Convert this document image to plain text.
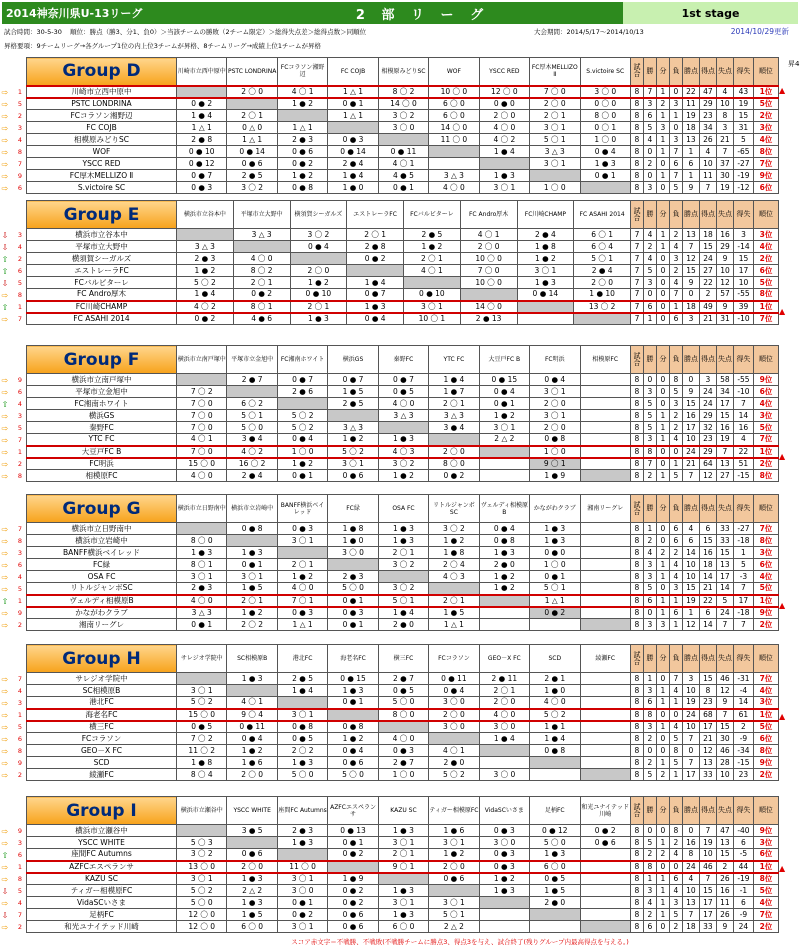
2014神奈川県U-13リーグ	2 部 リ ー グ	1st stage
試合時間：30-5-30 順位：勝点（勝3、分1、負0）＞当該チームの勝敗（2チーム限定）＞総得失点差＞総得点数＞同順位	大会期間：2014/5/17～2014/10/13	2014/10/29更新
昇格要項：9チームリーグ→各グループ1位の内上位3チームが昇格、8チームリーグ→成績上位1チームが昇格
昇4
▲
Group D	川崎市立西中原中	PSTC LONDRINA	FCコラソン湘野辺	FC COJB	相模原みどりSC	WOF	YSCC RED	FC厚木MELLIZO Ⅱ	S.victoire SC	試合	勝	分	負	勝点	得点	失点	得失	順位
川崎市立西中原中		2 〇 0	4 〇 1	1 △ 1	8 〇 2	10 〇 0	12 〇 0	7 〇 0	3 〇 0	8	7	1	0	22	47	4	43	1位
PSTC LONDRINA	0 ● 2		1 ● 2	0 ● 1	14 〇 0	6 〇 0	0 ● 0	2 〇 0	0 〇 0	8	3	2	3	11	29	10	19	5位
FCコラソン湘野辺	1 ● 4	2 〇 1		1 △ 1	3 〇 2	6 〇 0	2 〇 0	2 〇 1	8 〇 0	8	6	1	1	19	23	8	15	2位
FC COJB	1 △ 1	0 △ 0	1 △ 1		3 〇 0	14 〇 0	4 〇 0	3 〇 1	0 〇 1	8	5	3	0	18	34	3	31	3位
相模原みどりSC	2 ● 8	1 △ 1	2 ● 3	0 ● 3		11 〇 0	4 〇 2	5 〇 1	1 〇 0	8	4	1	3	13	26	21	5	4位
WOF	0 ● 10	0 ● 14	0 ● 6	0 ● 14	0 ● 11		1 ● 4	3 △ 3	0 ● 4	8	0	1	7	1	4	7	-65	8位
YSCC RED	0 ● 12	0 ● 6	0 ● 2	2 ● 4	4 〇 1			3 〇 1	1 ● 3	8	2	0	6	6	10	37	-27	7位
FC厚木MELLIZO Ⅱ	0 ● 7	2 ● 5	1 ● 2	1 ● 4	4 ● 5	3 △ 3	1 ● 3		0 ● 1	8	0	1	7	1	11	30	-19	9位
S.victoire SC	0 ● 3	3 〇 2	0 ● 8	1 ● 0	0 ● 1	4 〇 0	3 〇 1	1 〇 0		8	3	0	5	9	7	19	-12	6位
⇨	1
⇨	5
⇨	2
⇨	3
⇨	4
⇨	8
⇨	7
⇨	9
⇨	6
▲
Group E	横浜市立谷本中	平塚市立大野中	横須賀シーガルズ	エストレーラFC	FCバルビターレ	FC Andro厚木	FC川崎CHAMP	FC ASAHI 2014	試合	勝	分	負	勝点	得点	失点	得失	順位
横浜市立谷本中		3 △ 3	3 〇 2	2 〇 1	2 ● 5	4 〇 1	2 ● 4	6 〇 1	7	4	1	2	13	18	16	3	3位
平塚市立大野中	3 △ 3		0 ● 4	2 ● 8	1 ● 2	2 〇 0	1 ● 8	6 〇 4	7	2	1	4	7	15	29	-14	4位
横須賀シーガルズ	2 ● 3	4 〇 0		0 ● 2	2 〇 1	10 〇 0	1 ● 2	5 〇 1	7	4	0	3	12	24	9	15	2位
エストレーラFC	1 ● 2	8 〇 2	2 〇 0		4 〇 1	7 〇 0	3 〇 1	2 ● 4	7	5	0	2	15	27	10	17	6位
FCバルビターレ	5 〇 2	2 〇 1	1 ● 2	1 ● 4		10 〇 0	1 ● 3	2 〇 0	7	3	0	4	9	22	12	10	5位
FC Andro厚木	1 ● 4	0 ● 2	0 ● 10	0 ● 7	0 ● 10		0 ● 14	1 ● 10	7	0	0	7	0	2	57	-55	8位
FC川崎CHAMP	4 〇 2	8 〇 1	2 〇 1	1 ● 3	3 〇 1	14 〇 0		13 〇 2	7	6	0	1	18	49	9	39	1位
FC ASAHI 2014	0 ● 2	4 ● 6	1 ● 3	0 ● 4	10 〇 1	2 ● 13			7	1	0	6	3	21	31	-10	7位
⇩	3
⇩	4
⇧	2
⇧	6
⇩	5
⇨	8
⇧	1
⇨	7
▲
Group F	横浜市立南戸塚中	平塚市立金旭中	FC湘南ホワイト	横浜GS	秦野FC	YTC FC	大豆戸FC B	FC明浜	相模原FC	試合	勝	分	負	勝点	得点	失点	得失	順位
横浜市立南戸塚中		2 ● 7	0 ● 7	0 ● 7	0 ● 7	1 ● 4	0 ● 15	0 ● 4		8	0	0	8	0	3	58	-55	9位
平塚市立金旭中	7 〇 2		2 ● 6	1 ● 5	0 ● 5	1 ● 7	0 ● 4	3 〇 1		8	3	0	5	9	24	34	-10	6位
FC湘南ホワイト	7 〇 0	6 〇 2		2 ● 5	4 〇 0	2 〇 1	0 ● 1	2 〇 0		8	5	0	3	15	24	17	7	4位
横浜GS	7 〇 0	5 〇 1	5 〇 2		3 △ 3	3 △ 3	1 ● 2	3 〇 1		8	5	1	2	16	29	15	14	3位
秦野FC	7 〇 0	5 〇 0	5 〇 2	3 △ 3		3 ● 4	3 〇 1	2 〇 0		8	5	1	2	17	32	16	16	5位
YTC FC	4 〇 1	3 ● 4	0 ● 4	1 ● 2	1 ● 3		2 △ 2	0 ● 8		8	3	1	4	10	23	19	4	7位
大豆戸FC B	7 〇 0	4 〇 2	1 〇 0	5 〇 2	4 〇 3	2 〇 0		1 〇 0		8	8	0	0	24	29	7	22	1位
FC明浜	15 〇 0	16 〇 2	1 ● 2	3 〇 1	3 〇 2	8 〇 0		9 〇 1		8	7	0	1	21	64	13	51	2位
相模原FC	4 〇 0	2 ● 4	0 ● 1	0 ● 6	1 ● 2	0 ● 2		1 ● 9		8	2	1	5	7	12	27	-15	8位
⇨	9
⇨	6
⇧	4
⇨	3
⇨	5
⇨	7
⇨	1
⇨	2
⇨	8
▲
Group G	横浜市立日野南中	横浜市立岩崎中	BANFF横浜ベイレッド	FC緑	OSA FC	リトルジャンボSC	ヴェルディ相模原B	かながわクラブ	湘南リーグレ	試合	勝	分	負	勝点	得点	失点	得失	順位
横浜市立日野南中		0 ● 8	0 ● 3	1 ● 8	1 ● 3	3 〇 2	0 ● 4	1 ● 3		8	1	0	6	4	6	33	-27	7位
横浜市立岩崎中	8 〇 0		3 〇 1	1 ● 0	1 ● 3	1 ● 2	0 ● 8	1 ● 3		8	2	0	6	6	15	33	-18	8位
BANFF横浜ベイレッド	1 ● 3	1 ● 3		3 〇 0	2 〇 1	1 ● 8	1 ● 3	0 ● 0		8	4	2	2	14	16	15	1	3位
FC緑	8 〇 1	0 ● 1	2 〇 1		3 〇 2	2 〇 4	2 ● 0	1 〇 0		8	3	1	4	10	18	13	5	6位
OSA FC	3 〇 1	3 〇 1	1 ● 2	2 ● 3		4 〇 3	1 ● 2	0 ● 1		8	3	1	4	10	14	17	-3	4位
リトルジャンボSC	2 ● 3	1 ● 5	4 〇 0	5 〇 0	3 〇 2		1 ● 2	5 〇 1		8	5	0	3	15	21	14	7	5位
ヴェルディ相模原B	4 〇 0	2 〇 1	7 〇 1	0 ● 1	5 〇 1	2 〇 1		1 △ 1		8	6	1	1	19	22	5	17	1位
かながわクラブ	3 △ 3	1 ● 2	0 ● 3	0 ● 3	1 ● 4	1 ● 5		0 ● 2		8	0	1	6	1	6	24	-18	9位
湘南リーグレ	0 ● 1	2 〇 2	1 △ 1	0 ● 1	2 ● 0	1 △ 1				8	3	3	1	12	14	7	7	2位
⇨	7
⇨	8
⇨	3
⇨	6
⇨	4
⇨	5
⇧	1
⇨	9
⇨	2
▲
Group H	サレジオ学院中	SC相模原B	港北FC	海老名FC	横三FC	FCコラソン	GEO－X FC	SCD	綾瀬FC	試合	勝	分	負	勝点	得点	失点	得失	順位
サレジオ学院中		1 ● 3	2 ● 5	0 ● 15	2 ● 7	0 ● 11	2 ● 11	2 ● 1		8	1	0	7	3	15	46	-31	7位
SC相模原B	3 〇 1		1 ● 4	1 ● 3	0 ● 5	0 ● 4	2 〇 1	1 ● 0		8	3	1	4	10	8	12	-4	4位
港北FC	5 〇 2	4 〇 1		0 ● 1	5 〇 0	3 〇 0	2 〇 0	4 〇 0		8	6	1	1	19	23	9	14	3位
海老名FC	15 〇 0	9 〇 4	3 〇 1		8 〇 0	2 〇 0	4 〇 0	5 〇 2		8	8	0	0	24	68	7	61	1位
横三FC	0 ● 5	0 ● 11	0 ● 8	0 ● 8		3 〇 0	3 〇 0	1 ● 1		8	3	1	4	10	17	15	2	5位
FCコラソン	7 〇 2	0 ● 4	0 ● 5	1 ● 2	4 〇 0		1 ● 4	1 ● 4		8	2	0	5	7	21	30	-9	6位
GEO－X FC	11 〇 2	1 ● 2	2 〇 2	0 ● 4	0 ● 3	4 〇 1		0 ● 8		8	0	0	8	0	12	46	-34	8位
SCD	1 ● 8	1 ● 6	1 ● 3	0 ● 6	2 ● 7	2 ● 0				8	2	1	5	7	13	28	-15	9位
綾瀬FC	8 〇 4	2 〇 0	5 〇 0	5 〇 0	1 〇 0	5 〇 2	3 〇 0			8	5	2	1	17	33	10	23	2位
⇨	7
⇨	4
⇨	3
⇨	1
⇨	5
⇨	6
⇨	8
⇨	9
⇨	2
▲
Group I	横浜市立瀬谷中	YSCC WHITE	座間FC Autumns	AZFCエスペランサ	KAZU SC	ティガー相模原FC	VidaSCいさま	足柄FC	和光ユナイテッド川崎	試合	勝	分	負	勝点	得点	失点	得失	順位
横浜市立瀬谷中		3 ● 5	2 ● 3	0 ● 13	1 ● 3	1 ● 6	0 ● 3	0 ● 12	0 ● 2	8	0	0	8	0	7	47	-40	9位
YSCC WHITE	5 〇 3		1 ● 3	0 ● 1	3 〇 1	3 〇 1	3 〇 0	5 〇 0	0 ● 6	8	5	1	2	16	19	13	6	3位
座間FC Autumns	3 〇 2	0 ● 6		0 ● 2	2 〇 1	1 ● 2	0 ● 3	1 ● 3		8	2	2	4	8	10	15	-5	6位
AZFCエスペランサ	13 〇 0	2 〇 0	11 〇 0		9 〇 1	2 〇 0	0 ● 3	6 〇 0		8	8	0	0	24	46	2	44	1位
KAZU SC	3 〇 1	1 ● 3	3 〇 1	1 ● 9		0 ● 6	1 ● 2	0 ● 5		8	1	1	6	4	7	26	-19	8位
ティガー相模原FC	5 〇 2	2 △ 2	3 〇 0	0 ● 2	1 ● 3		1 ● 3	1 ● 5		8	3	1	4	10	15	16	-1	5位
VidaSCいさま	5 〇 0	1 ● 3	0 ● 1	0 ● 2	3 〇 1	3 〇 1		2 ● 0		8	4	1	3	13	17	11	6	4位
足柄FC	12 〇 0	1 ● 5	0 ● 2	0 ● 6	1 ● 3	5 〇 1				8	2	1	5	7	17	26	-9	7位
和光ユナイテッド川崎	12 〇 0	6 〇 0	3 〇 1	0 ● 6	6 〇 0	2 △ 2				8	6	0	2	18	33	9	24	2位
⇨	9
⇨	3
⇧	6
⇨	1
⇨	8
⇩	5
⇨	4
⇩	7
⇨	2
スコア赤文字＝不戦勝、不戦敗(不戦勝チームに勝点3、得点3を与え、試合終了(残りグループ内最高得点を与える。)
